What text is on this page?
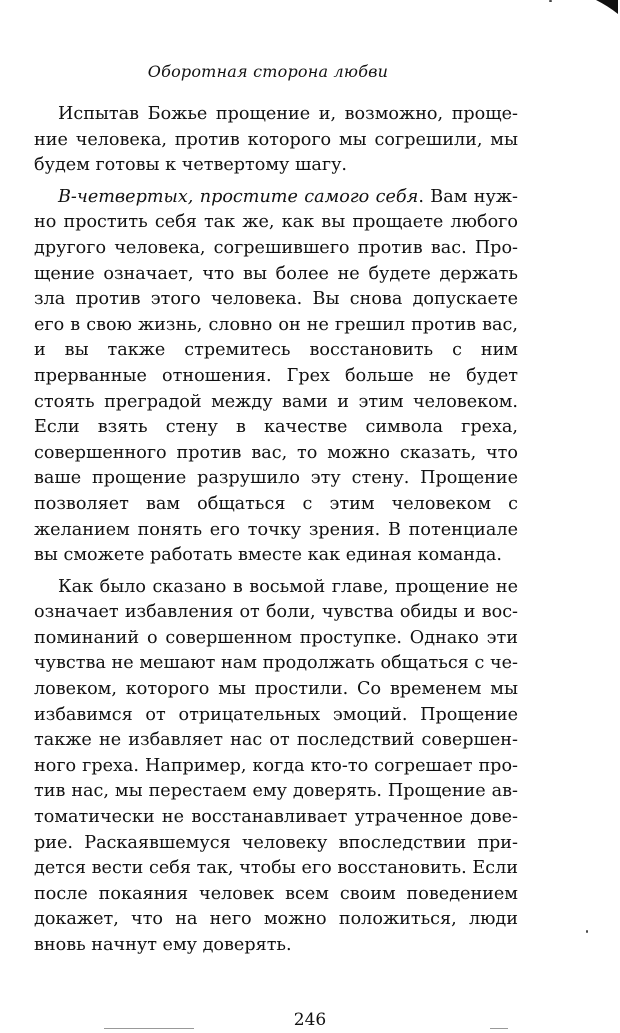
Оборотная сторона любви

Испытав Божье прощение и, возможно, прощение человека, против которого мы согрешили, мы будем готовы к четвертому шагу.

В-четвертых, простите самого себя. Вам нужно простить себя так же, как вы прощаете любого другого человека, согрешившего против вас. Прощение означает, что вы более не будете держать зла против этого человека. Вы снова допускаете его в свою жизнь, словно он не грешил против вас, и вы также стремитесь восстановить с ним прерванные отношения. Грех больше не будет стоять преградой между вами и этим человеком. Если взять стену в качестве символа греха, совершенного против вас, то можно сказать, что ваше прощение разрушило эту стену. Прощение позволяет вам общаться с этим человеком с желанием понять его точку зрения. В потенциале вы сможете работать вместе как единая команда.

Как было сказано в восьмой главе, прощение не означает избавления от боли, чувства обиды и воспоминаний о совершенном проступке. Однако эти чувства не мешают нам продолжать общаться с человеком, которого мы простили. Со временем мы избавимся от отрицательных эмоций. Прощение также не избавляет нас от последствий совершенного греха. Например, когда кто-то согрешает против нас, мы перестаем ему доверять. Прощение автоматически не восстанавливает утраченное доверие. Раскаявшемуся человеку впоследствии придется вести себя так, чтобы его восстановить. Если после покаяния человек всем своим поведением докажет, что на него можно положиться, люди вновь начнут ему доверять.

246
